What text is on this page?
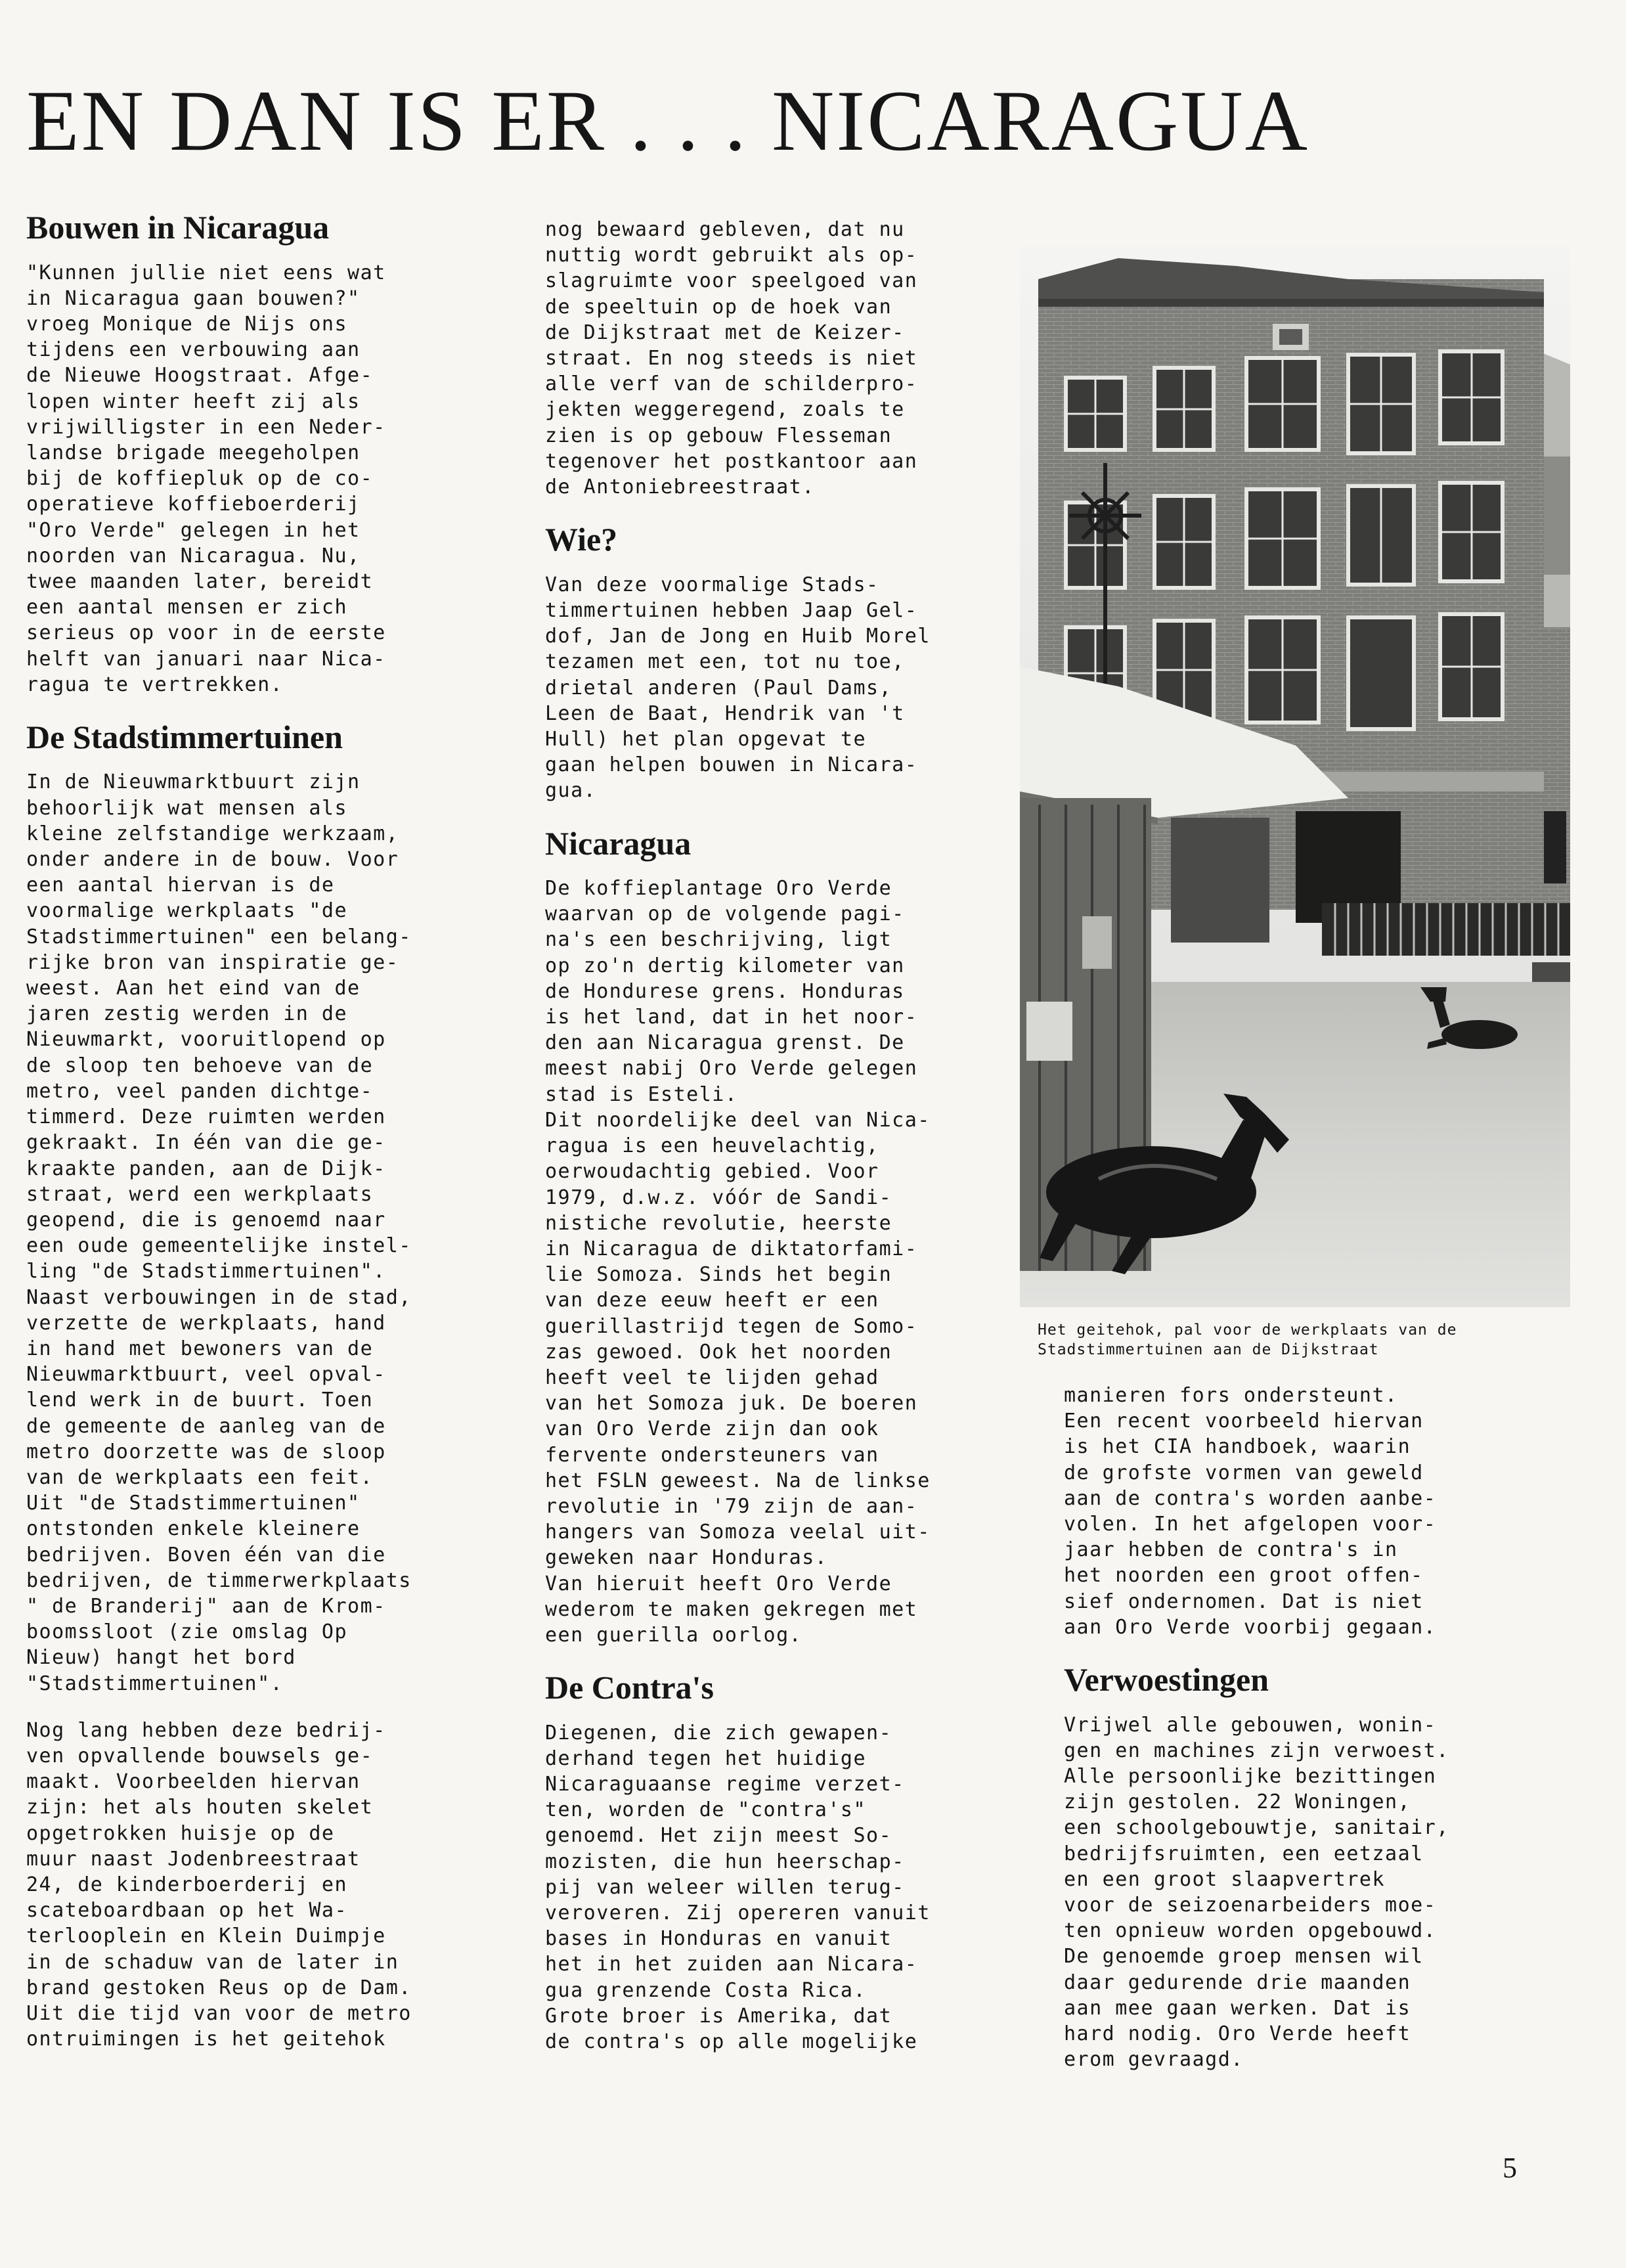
EN DAN IS ER . . . NICARAGUA
Bouwen in Nicaragua

"Kunnen jullie niet eens wat
in Nicaragua gaan bouwen?"
vroeg Monique de Nijs ons
tijdens een verbouwing aan
de Nieuwe Hoogstraat. Afge-
lopen winter heeft zij als
vrijwilligster in een Neder-
landse brigade meegeholpen
bij de koffiepluk op de co-
operatieve koffieboerderij
"Oro Verde" gelegen in het
noorden van Nicaragua. Nu,
twee maanden later, bereidt
een aantal mensen er zich
serieus op voor in de eerste
helft van januari naar Nica-
ragua te vertrekken.

De Stadstimmertuinen

In de Nieuwmarktbuurt zijn
behoorlijk wat mensen als
kleine zelfstandige werkzaam,
onder andere in de bouw. Voor
een aantal hiervan is de
voormalige werkplaats "de
Stadstimmertuinen" een belang-
rijke bron van inspiratie ge-
weest. Aan het eind van de
jaren zestig werden in de
Nieuwmarkt, vooruitlopend op
de sloop ten behoeve van de
metro, veel panden dichtge-
timmerd. Deze ruimten werden
gekraakt. In één van die ge-
kraakte panden, aan de Dijk-
straat, werd een werkplaats
geopend, die is genoemd naar
een oude gemeentelijke instel-
ling "de Stadstimmertuinen".
Naast verbouwingen in de stad,
verzette de werkplaats, hand
in hand met bewoners van de
Nieuwmarktbuurt, veel opval-
lend werk in de buurt. Toen
de gemeente de aanleg van de
metro doorzette was de sloop
van de werkplaats een feit.
Uit "de Stadstimmertuinen"
ontstonden enkele kleinere
bedrijven. Boven één van die
bedrijven, de timmerwerkplaats
" de Branderij" aan de Krom-
boomssloot (zie omslag Op
Nieuw) hangt het bord
"Stadstimmertuinen".

Nog lang hebben deze bedrij-
ven opvallende bouwsels ge-
maakt. Voorbeelden hiervan
zijn: het als houten skelet
opgetrokken huisje op de
muur naast Jodenbreestraat
24, de kinderboerderij en
scateboardbaan op het Wa-
terlooplein en Klein Duimpje
in de schaduw van de later in
brand gestoken Reus op de Dam.
Uit die tijd van voor de metro
ontruimingen is het geitehok

nog bewaard gebleven, dat nu
nuttig wordt gebruikt als op-
slagruimte voor speelgoed van
de speeltuin op de hoek van
de Dijkstraat met de Keizer-
straat. En nog steeds is niet
alle verf van de schilderpro-
jekten weggeregend, zoals te
zien is op gebouw Flesseman
tegenover het postkantoor aan
de Antoniebreestraat.

Wie?

Van deze voormalige Stads-
timmertuinen hebben Jaap Gel-
dof, Jan de Jong en Huib Morel
tezamen met een, tot nu toe,
drietal anderen (Paul Dams,
Leen de Baat, Hendrik van 't
Hull) het plan opgevat te
gaan helpen bouwen in Nicara-
gua.

Nicaragua

De koffieplantage Oro Verde
waarvan op de volgende pagi-
na's een beschrijving, ligt
op zo'n dertig kilometer van
de Hondurese grens. Honduras
is het land, dat in het noor-
den aan Nicaragua grenst. De
meest nabij Oro Verde gelegen
stad is Esteli.
Dit noordelijke deel van Nica-
ragua is een heuvelachtig,
oerwoudachtig gebied. Voor
1979, d.w.z. vóór de Sandi-
nistiche revolutie, heerste
in Nicaragua de diktatorfami-
lie Somoza. Sinds het begin
van deze eeuw heeft er een
guerillastrijd tegen de Somo-
zas gewoed. Ook het noorden
heeft veel te lijden gehad
van het Somoza juk. De boeren
van Oro Verde zijn dan ook
fervente ondersteuners van
het FSLN geweest. Na de linkse
revolutie in '79 zijn de aan-
hangers van Somoza veelal uit-
geweken naar Honduras.
Van hieruit heeft Oro Verde
wederom te maken gekregen met
een guerilla oorlog.

De Contra's

Diegenen, die zich gewapen-
derhand tegen het huidige
Nicaraguaanse regime verzet-
ten, worden de "contra's"
genoemd. Het zijn meest So-
mozisten, die hun heerschap-
pij van weleer willen terug-
veroveren. Zij opereren vanuit
bases in Honduras en vanuit
het in het zuiden aan Nicara-
gua grenzende Costa Rica.
Grote broer is Amerika, dat
de contra's op alle mogelijke

Het geitehok, pal voor de werkplaats van de
Stadstimmertuinen aan de Dijkstraat

manieren fors ondersteunt.
Een recent voorbeeld hiervan
is het CIA handboek, waarin
de grofste vormen van geweld
aan de contra's worden aanbe-
volen. In het afgelopen voor-
jaar hebben de contra's in
het noorden een groot offen-
sief ondernomen. Dat is niet
aan Oro Verde voorbij gegaan.

Verwoestingen

Vrijwel alle gebouwen, wonin-
gen en machines zijn verwoest.
Alle persoonlijke bezittingen
zijn gestolen. 22 Woningen,
een schoolgebouwtje, sanitair,
bedrijfsruimten, een eetzaal
en een groot slaapvertrek
voor de seizoenarbeiders moe-
ten opnieuw worden opgebouwd.
De genoemde groep mensen wil
daar gedurende drie maanden
aan mee gaan werken. Dat is
hard nodig. Oro Verde heeft
erom gevraagd.

5
